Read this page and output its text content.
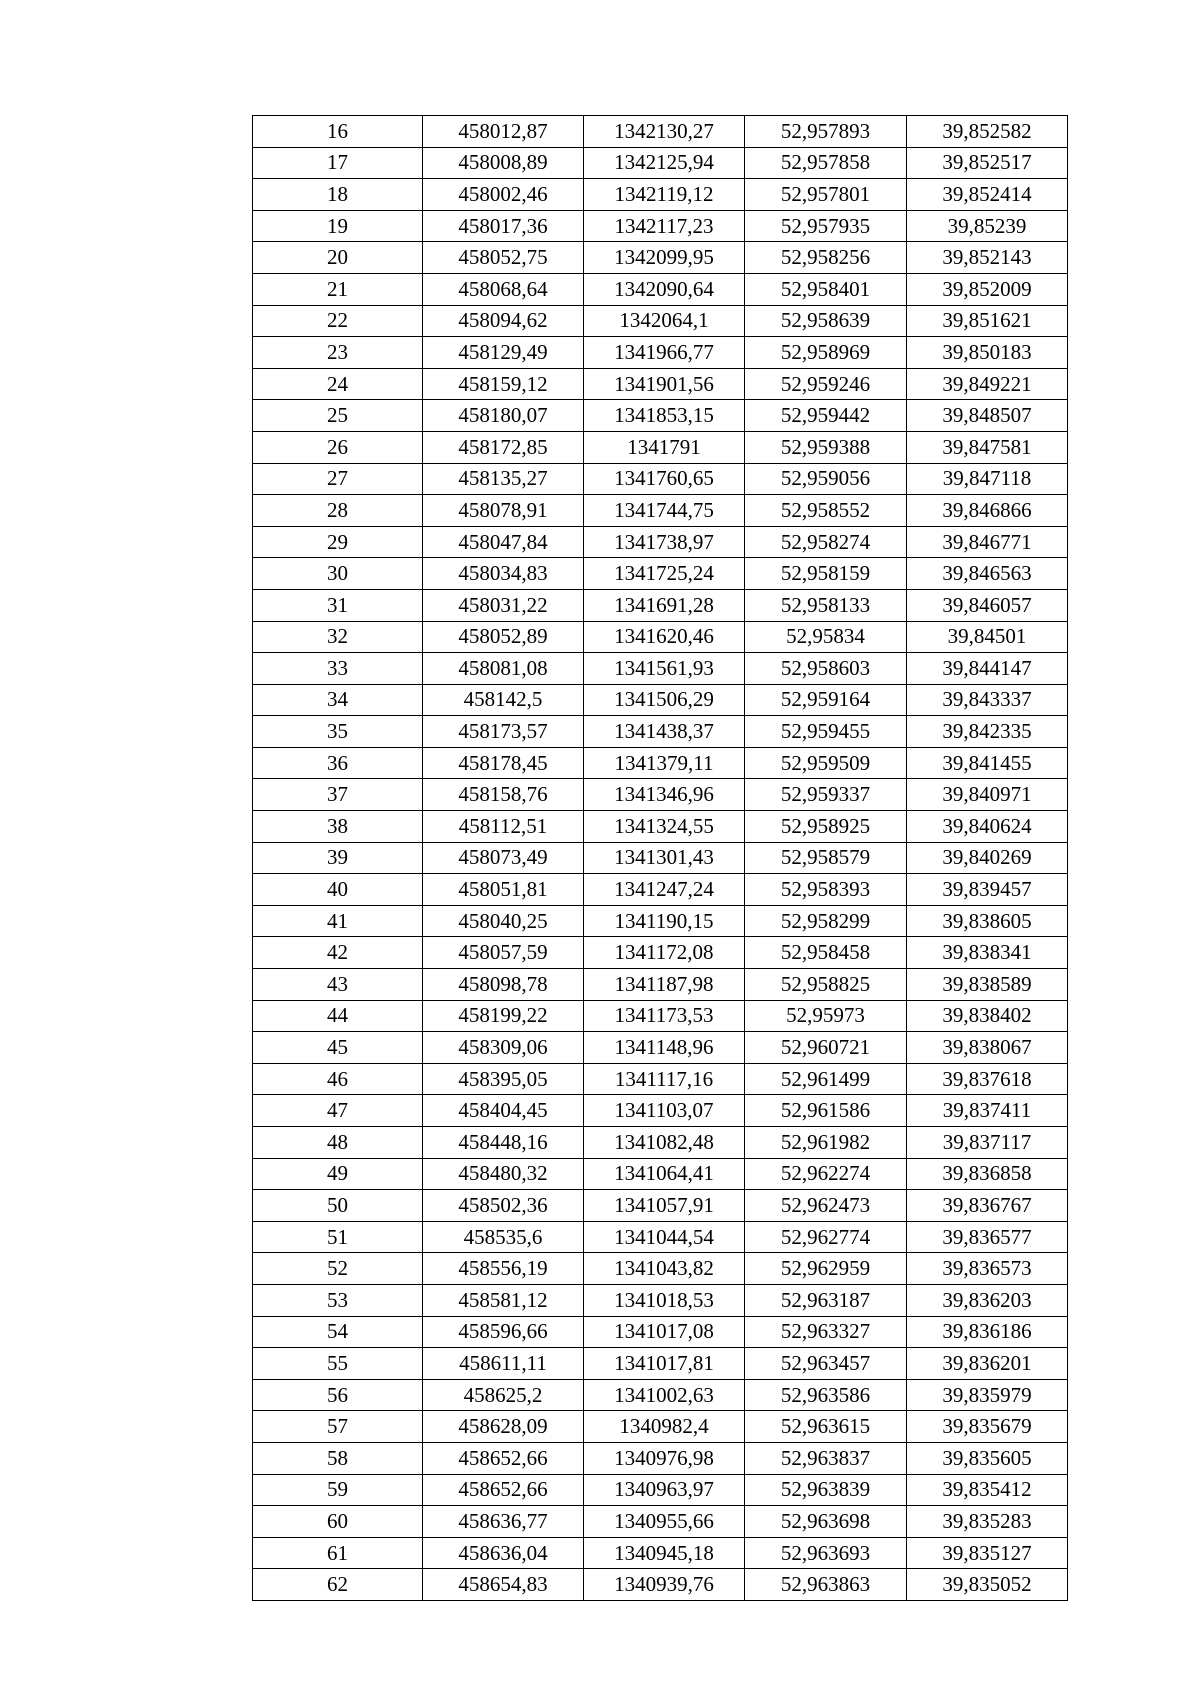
16	458012,87	1342130,27	52,957893	39,852582
17	458008,89	1342125,94	52,957858	39,852517
18	458002,46	1342119,12	52,957801	39,852414
19	458017,36	1342117,23	52,957935	39,85239
20	458052,75	1342099,95	52,958256	39,852143
21	458068,64	1342090,64	52,958401	39,852009
22	458094,62	1342064,1	52,958639	39,851621
23	458129,49	1341966,77	52,958969	39,850183
24	458159,12	1341901,56	52,959246	39,849221
25	458180,07	1341853,15	52,959442	39,848507
26	458172,85	1341791	52,959388	39,847581
27	458135,27	1341760,65	52,959056	39,847118
28	458078,91	1341744,75	52,958552	39,846866
29	458047,84	1341738,97	52,958274	39,846771
30	458034,83	1341725,24	52,958159	39,846563
31	458031,22	1341691,28	52,958133	39,846057
32	458052,89	1341620,46	52,95834	39,84501
33	458081,08	1341561,93	52,958603	39,844147
34	458142,5	1341506,29	52,959164	39,843337
35	458173,57	1341438,37	52,959455	39,842335
36	458178,45	1341379,11	52,959509	39,841455
37	458158,76	1341346,96	52,959337	39,840971
38	458112,51	1341324,55	52,958925	39,840624
39	458073,49	1341301,43	52,958579	39,840269
40	458051,81	1341247,24	52,958393	39,839457
41	458040,25	1341190,15	52,958299	39,838605
42	458057,59	1341172,08	52,958458	39,838341
43	458098,78	1341187,98	52,958825	39,838589
44	458199,22	1341173,53	52,95973	39,838402
45	458309,06	1341148,96	52,960721	39,838067
46	458395,05	1341117,16	52,961499	39,837618
47	458404,45	1341103,07	52,961586	39,837411
48	458448,16	1341082,48	52,961982	39,837117
49	458480,32	1341064,41	52,962274	39,836858
50	458502,36	1341057,91	52,962473	39,836767
51	458535,6	1341044,54	52,962774	39,836577
52	458556,19	1341043,82	52,962959	39,836573
53	458581,12	1341018,53	52,963187	39,836203
54	458596,66	1341017,08	52,963327	39,836186
55	458611,11	1341017,81	52,963457	39,836201
56	458625,2	1341002,63	52,963586	39,835979
57	458628,09	1340982,4	52,963615	39,835679
58	458652,66	1340976,98	52,963837	39,835605
59	458652,66	1340963,97	52,963839	39,835412
60	458636,77	1340955,66	52,963698	39,835283
61	458636,04	1340945,18	52,963693	39,835127
62	458654,83	1340939,76	52,963863	39,835052
